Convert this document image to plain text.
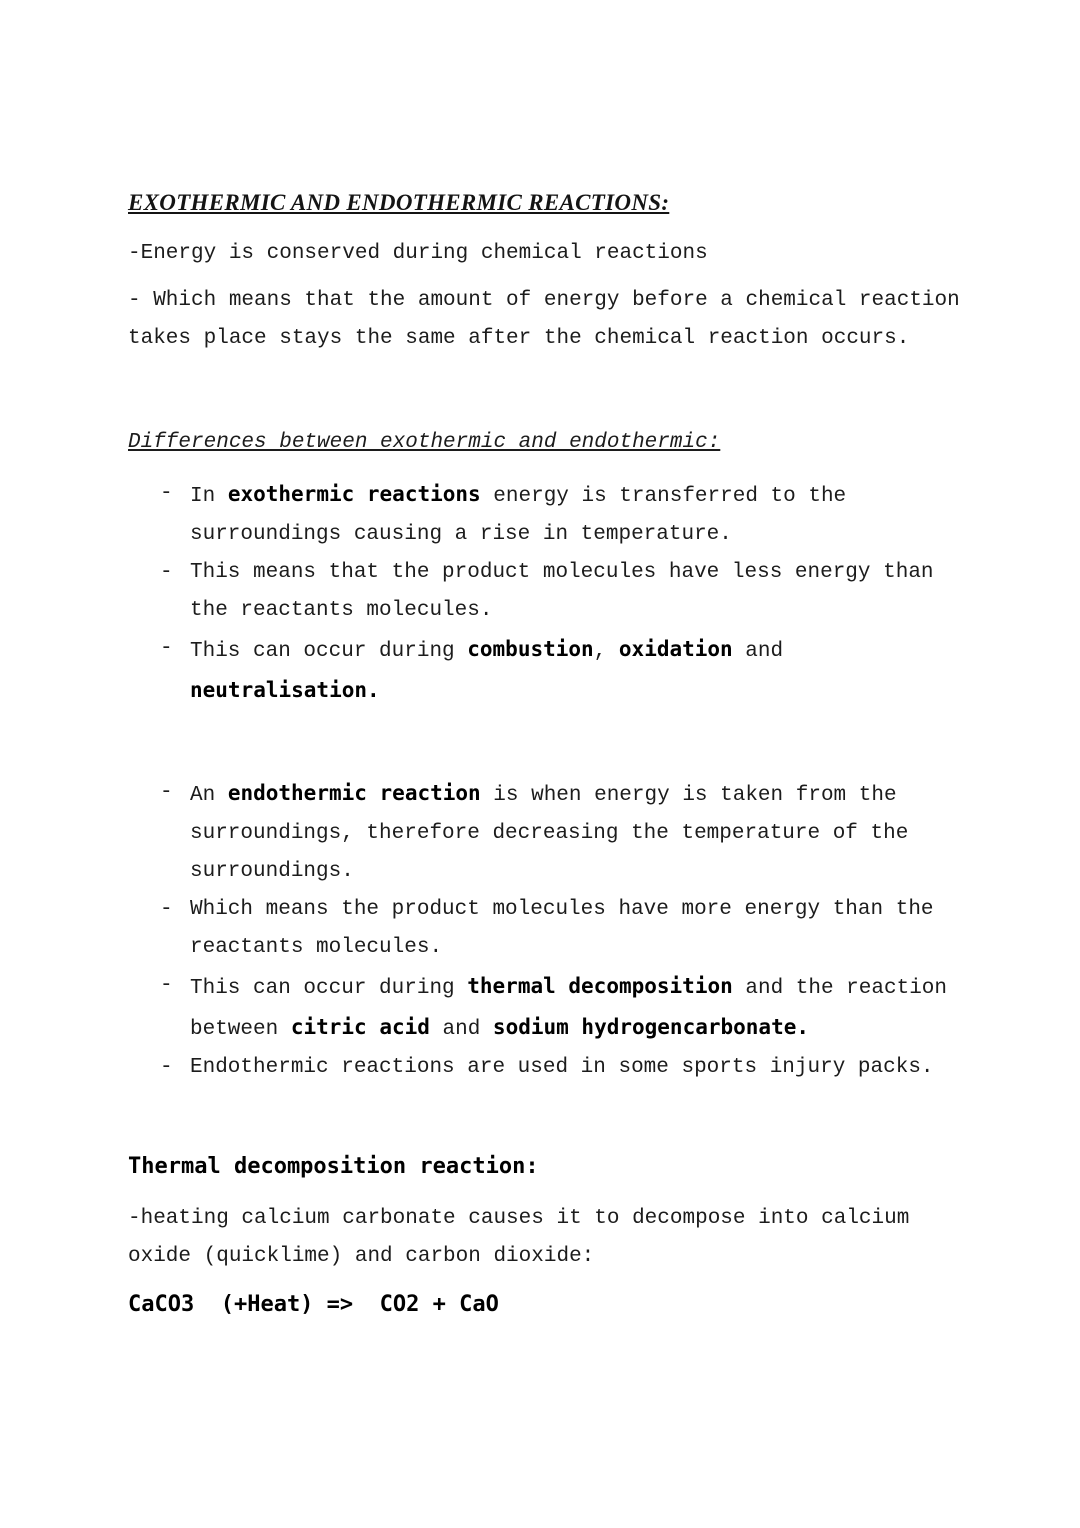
EXOTHERMIC AND ENDOTHERMIC REACTIONS:

-Energy is conserved during chemical reactions

- Which means that the amount of energy before a chemical reaction takes place stays the same after the chemical reaction occurs.

Differences between exothermic and endothermic:
- In exothermic reactions energy is transferred to the surroundings causing a rise in temperature.
- This means that the product molecules have less energy than the reactants molecules.
- This can occur during combustion, oxidation and neutralisation.
- An endothermic reaction is when energy is taken from the surroundings, therefore decreasing the temperature of the surroundings.
- Which means the product molecules have more energy than the reactants molecules.
- This can occur during thermal decomposition and the reaction between citric acid and sodium hydrogencarbonate.
- Endothermic reactions are used in some sports injury packs.
Thermal decomposition reaction:

-heating calcium carbonate causes it to decompose into calcium oxide (quicklime) and carbon dioxide:

CaCO3  (+Heat) =>  CO2 + CaO
